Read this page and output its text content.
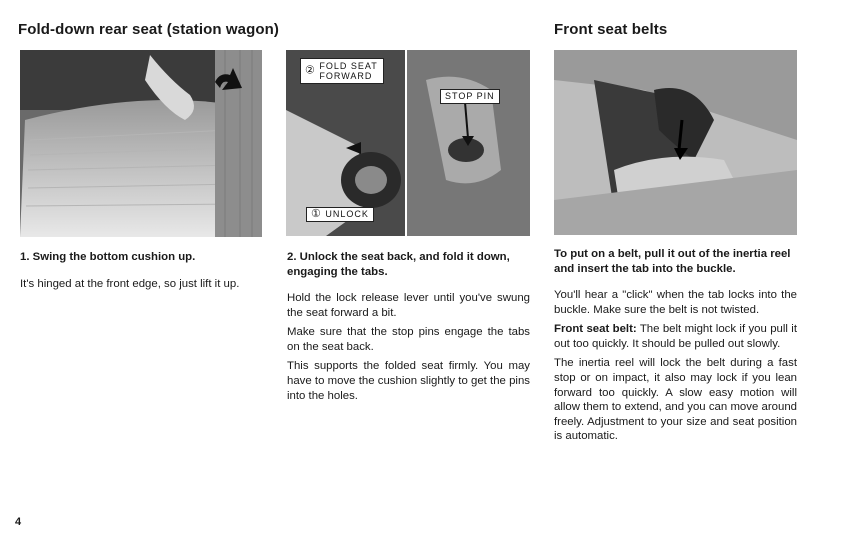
Fold-down rear seat (station wagon)
1. Swing the bottom cushion up.

It's hinged at the front edge, so just lift it up.

② FOLD SEAT FORWARD
STOP PIN
① UNLOCK
2. Unlock the seat back, and fold it down, engaging the tabs.

Hold the lock release lever until you've swung the seat forward a bit.

Make sure that the stop pins engage the tabs on the seat back.

This supports the folded seat firmly. You may have to move the cushion slightly to get the pins into the holes.

Front seat belts
To put on a belt, pull it out of the inertia reel and insert the tab into the buckle.

You'll hear a "click" when the tab locks into the buckle. Make sure the belt is not twisted.

Front seat belt: The belt might lock if you pull it out too quickly. It should be pulled out slowly.

The inertia reel will lock the belt during a fast stop or on impact, it also may lock if you lean forward too quickly. A slow easy motion will allow them to extend, and you can move around freely. Adjustment to your size and seat position is automatic.

4
